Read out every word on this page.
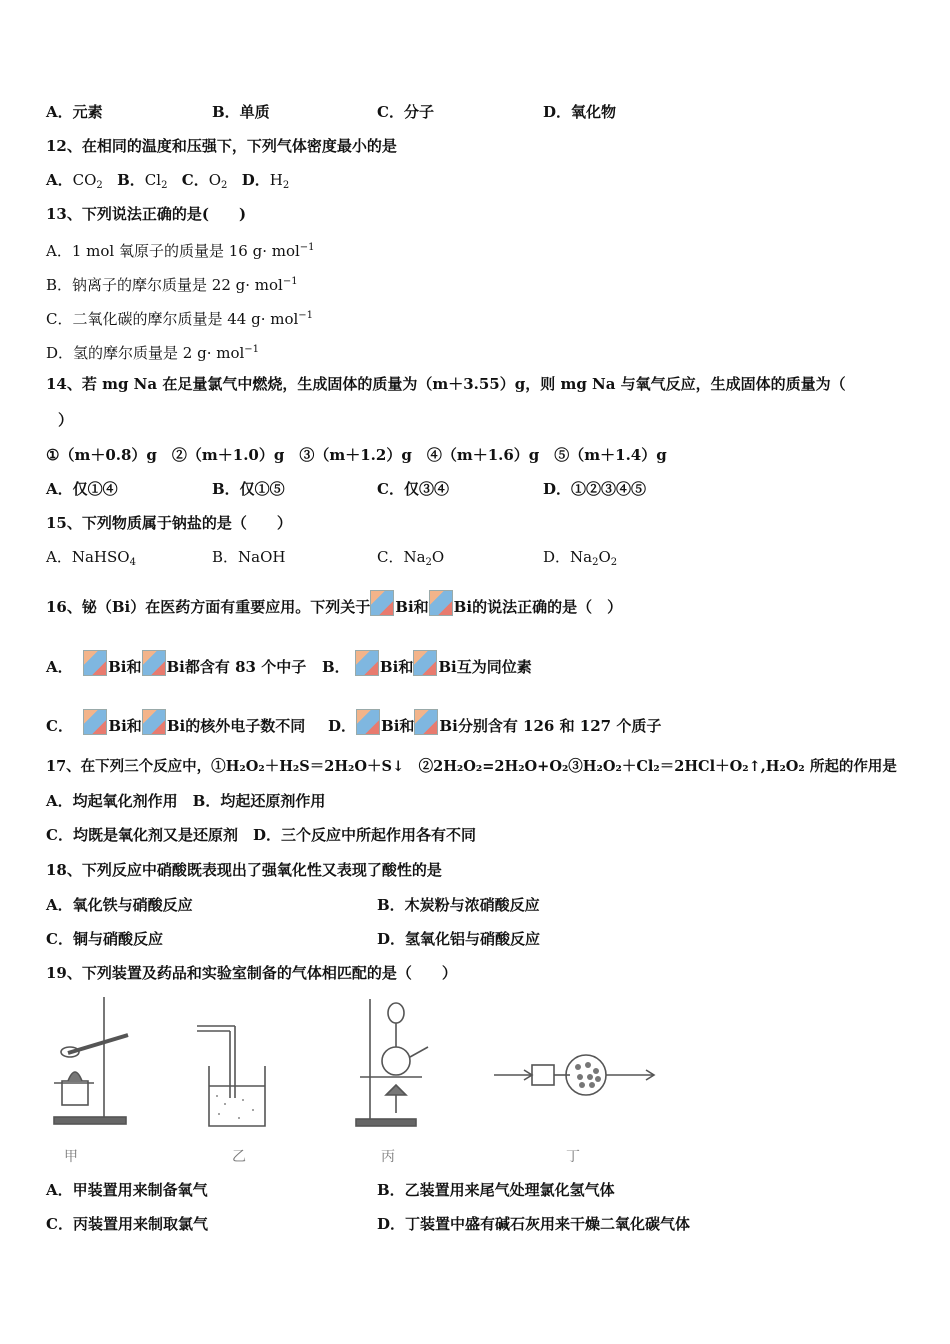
A．元素	B．单质	C．分子	D．氧化物
12、在相同的温度和压强下，下列气体密度最小的是
A．$CO_2$ B．$Cl_2$ C．$O_2$ D．$H_2$
13、下列说法正确的是(　　)
A．1 mol 氧原子的质量是 16 g· mol$^{-1}$
B．钠离子的摩尔质量是 22 g· mol$^{-1}$
C．二氧化碳的摩尔质量是 44 g· mol$^{-1}$
D．氢的摩尔质量是 2 g· mol$^{-1}$
14、若 mg Na 在足量氯气中燃烧，生成固体的质量为（m＋3.55）g，则 mg Na 与氧气反应，生成固体的质量为（
）
①（m＋0.8）g　②（m＋1.0）g　③（m＋1.2）g　④（m＋1.6）g　⑤（m＋1.4）g
A．仅①④	B．仅①⑤	C．仅③④	D．①②③④⑤
15、下列物质属于钠盐的是（　　）
A．NaHSO$_4$	B．NaOH	C．$Na_2O$	D．$Na_2O_2$
16、铋（Bi）在医药方面有重要应用。下列关于 Bi和 Bi的说法正确的是（　）
A． Bi和 Bi都含有 83 个中子 B． Bi和 Bi互为同位素
C． Bi和 Bi的核外电子数不同 D． Bi和 Bi分别含有 126 和 127 个质子
17、在下列三个反应中，①H₂O₂＋H₂S＝2H₂O＋S↓　②2H₂O₂=2H₂O+O₂③H₂O₂＋Cl₂＝2HCl＋O₂↑,H₂O₂ 所起的作用是
A．均起氧化剂作用　B．均起还原剂作用
C．均既是氧化剂又是还原剂　D．三个反应中所起作用各有不同
18、下列反应中硝酸既表现出了强氧化性又表现了酸性的是
A．氧化铁与硝酸反应	B．木炭粉与浓硝酸反应
C．铜与硝酸反应	D．氢氧化铝与硝酸反应
19、下列装置及药品和实验室制备的气体相匹配的是（　　）
甲	乙	丙	丁
A．甲装置用来制备氧气	B．乙装置用来尾气处理氯化氢气体
C．丙装置用来制取氯气	D．丁装置中盛有碱石灰用来干燥二氧化碳气体
